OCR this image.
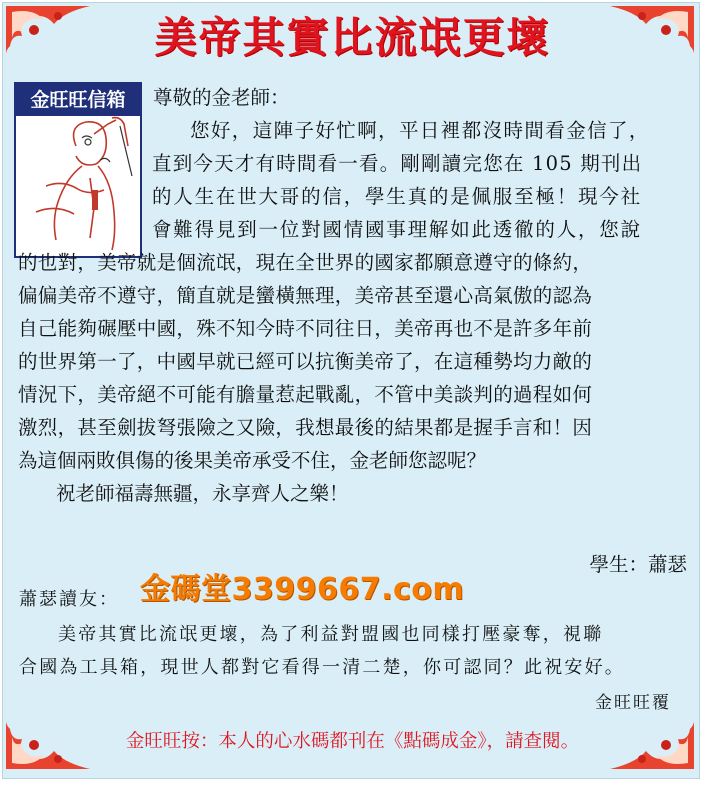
美帝其實比流氓更壞
金旺旺信箱	尊敬的金老師：
您好，這陣子好忙啊，平日裡都沒時間看金信了，
直到今天才有時間看一看。剛剛讀完您在 105 期刊出
的人生在世大哥的信，學生真的是佩服至極！現今社
會難得見到一位對國情國事理解如此透徹的人，您說
的也對，美帝就是個流氓，現在全世界的國家都願意遵守的條約，
偏偏美帝不遵守，簡直就是蠻橫無理，美帝甚至還心高氣傲的認為
自己能夠碾壓中國，殊不知今時不同往日，美帝再也不是許多年前
的世界第一了，中國早就已經可以抗衡美帝了，在這種勢均力敵的
情況下，美帝絕不可能有膽量惹起戰亂，不管中美談判的過程如何
激烈，甚至劍拔弩張險之又險，我想最後的結果都是握手言和！因
為這個兩敗俱傷的後果美帝承受不住，金老師您認呢？
祝老師福壽無疆，永享齊人之樂！
學生：蕭瑟
金碼堂3399667.com
蕭瑟讀友：
美帝其實比流氓更壞，為了利益對盟國也同樣打壓豪奪，視聯
合國為工具箱，現世人都對它看得一清二楚，你可認同？此祝安好。
金旺旺覆
金旺旺按：本人的心水碼都刊在《點碼成金》，請查閱。
